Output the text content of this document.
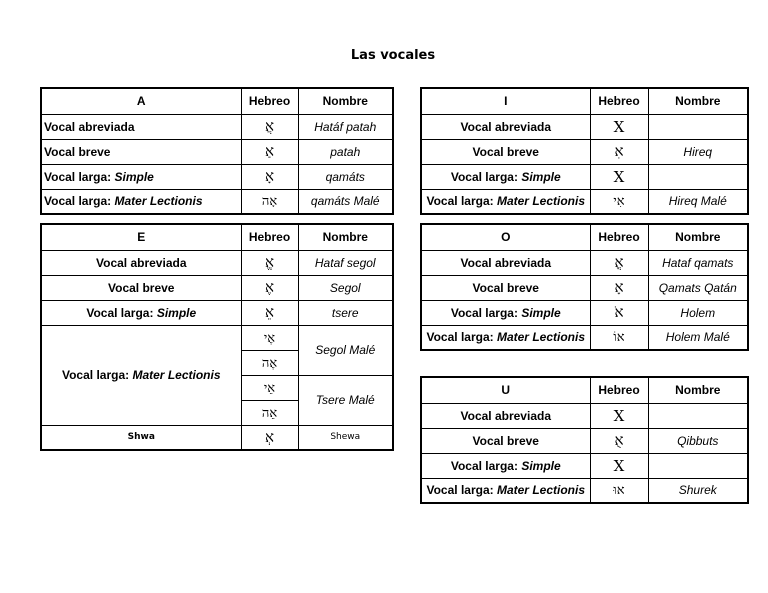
Las vocales
A	Hebreo	Nombre
Vocal abreviada	אֲ	Hatáf patah
Vocal breve	אַ	patah
Vocal larga: Simple	אָ	qamáts
Vocal larga: Mater Lectionis	אָה	qamáts Malé
I	Hebreo	Nombre
Vocal abreviada	X	
Vocal breve	אִ	Hireq
Vocal larga: Simple	X	
Vocal larga: Mater Lectionis	אִי	Hireq Malé
E	Hebreo	Nombre
Vocal abreviada	אֱ	Hataf segol
Vocal breve	אֶ	Segol
Vocal larga: Simple	אֵ	tsere
Vocal larga: Mater Lectionis	אֶי	Segol Malé
	אֶה	
	אֵי	Tsere Malé
	אֵה	
Shwa	אְ	Shewa
O	Hebreo	Nombre
Vocal abreviada	אֳ	Hataf qamats
Vocal breve	אָ	Qamats Qatán
Vocal larga: Simple	אֹ	Holem
Vocal larga: Mater Lectionis	אוֹ	Holem Malé
U	Hebreo	Nombre
Vocal abreviada	X	
Vocal breve	אֻ	Qibbuts
Vocal larga: Simple	X	
Vocal larga: Mater Lectionis	אוּ	Shurek
